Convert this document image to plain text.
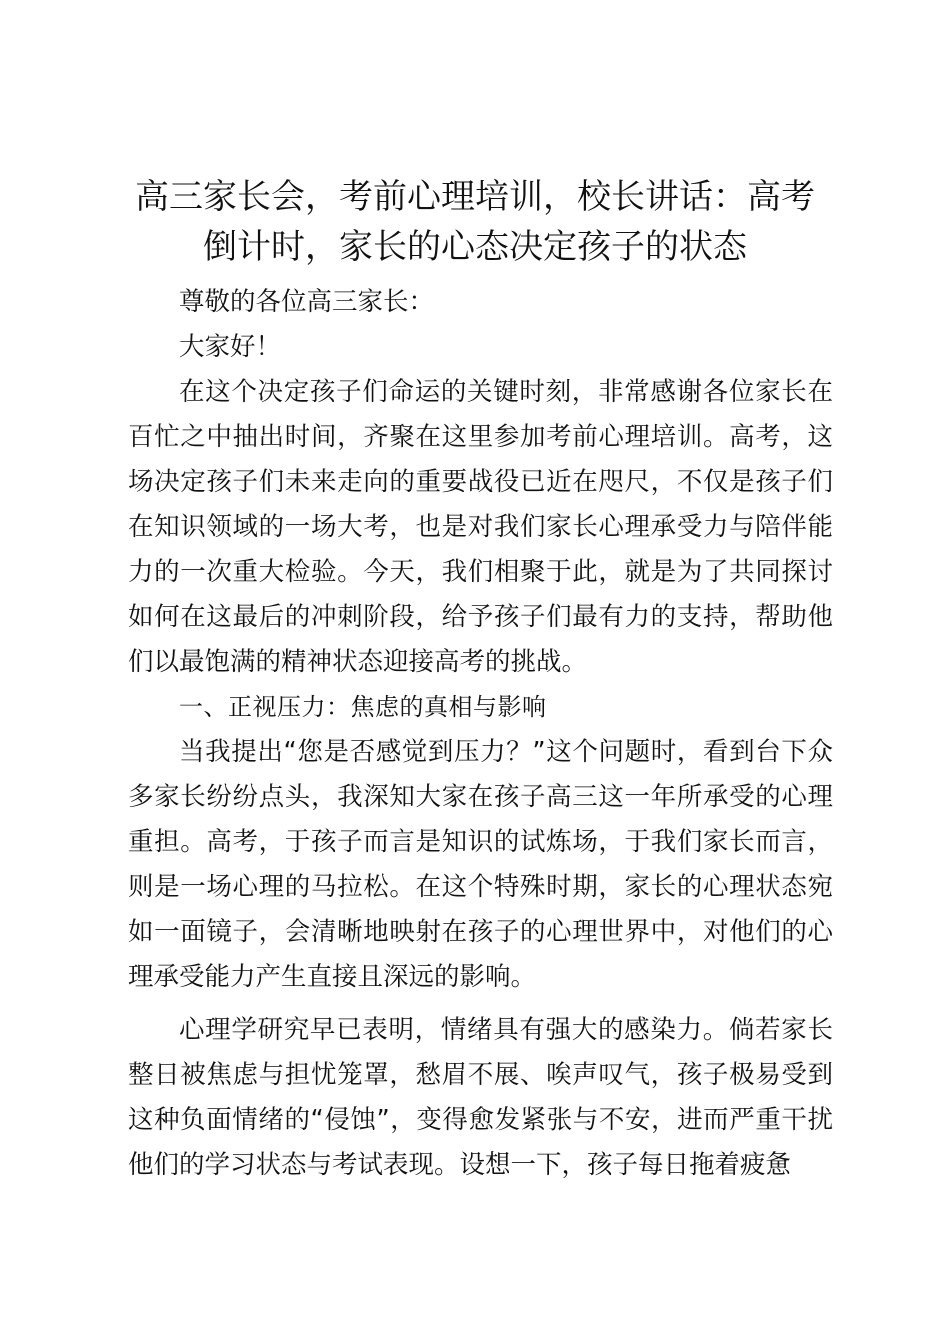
高三家长会，考前心理培训，校长讲话：高考
倒计时，家长的心态决定孩子的状态

尊敬的各位高三家长：

大家好！

在这个决定孩子们命运的关键时刻，非常感谢各位家长在百忙之中抽出时间，齐聚在这里参加考前心理培训。高考，这场决定孩子们未来走向的重要战役已近在咫尺，不仅是孩子们在知识领域的一场大考，也是对我们家长心理承受力与陪伴能力的一次重大检验。今天，我们相聚于此，就是为了共同探讨如何在这最后的冲刺阶段，给予孩子们最有力的支持，帮助他们以最饱满的精神状态迎接高考的挑战。

一、正视压力：焦虑的真相与影响

当我提出“您是否感觉到压力？”这个问题时，看到台下众多家长纷纷点头，我深知大家在孩子高三这一年所承受的心理重担。高考，于孩子而言是知识的试炼场，于我们家长而言，则是一场心理的马拉松。在这个特殊时期，家长的心理状态宛如一面镜子，会清晰地映射在孩子的心理世界中，对他们的心理承受能力产生直接且深远的影响。

心理学研究早已表明，情绪具有强大的感染力。倘若家长整日被焦虑与担忧笼罩，愁眉不展、唉声叹气，孩子极易受到这种负面情绪的“侵蚀”，变得愈发紧张与不安，进而严重干扰他们的学习状态与考试表现。设想一下，孩子每日拖着疲惫
